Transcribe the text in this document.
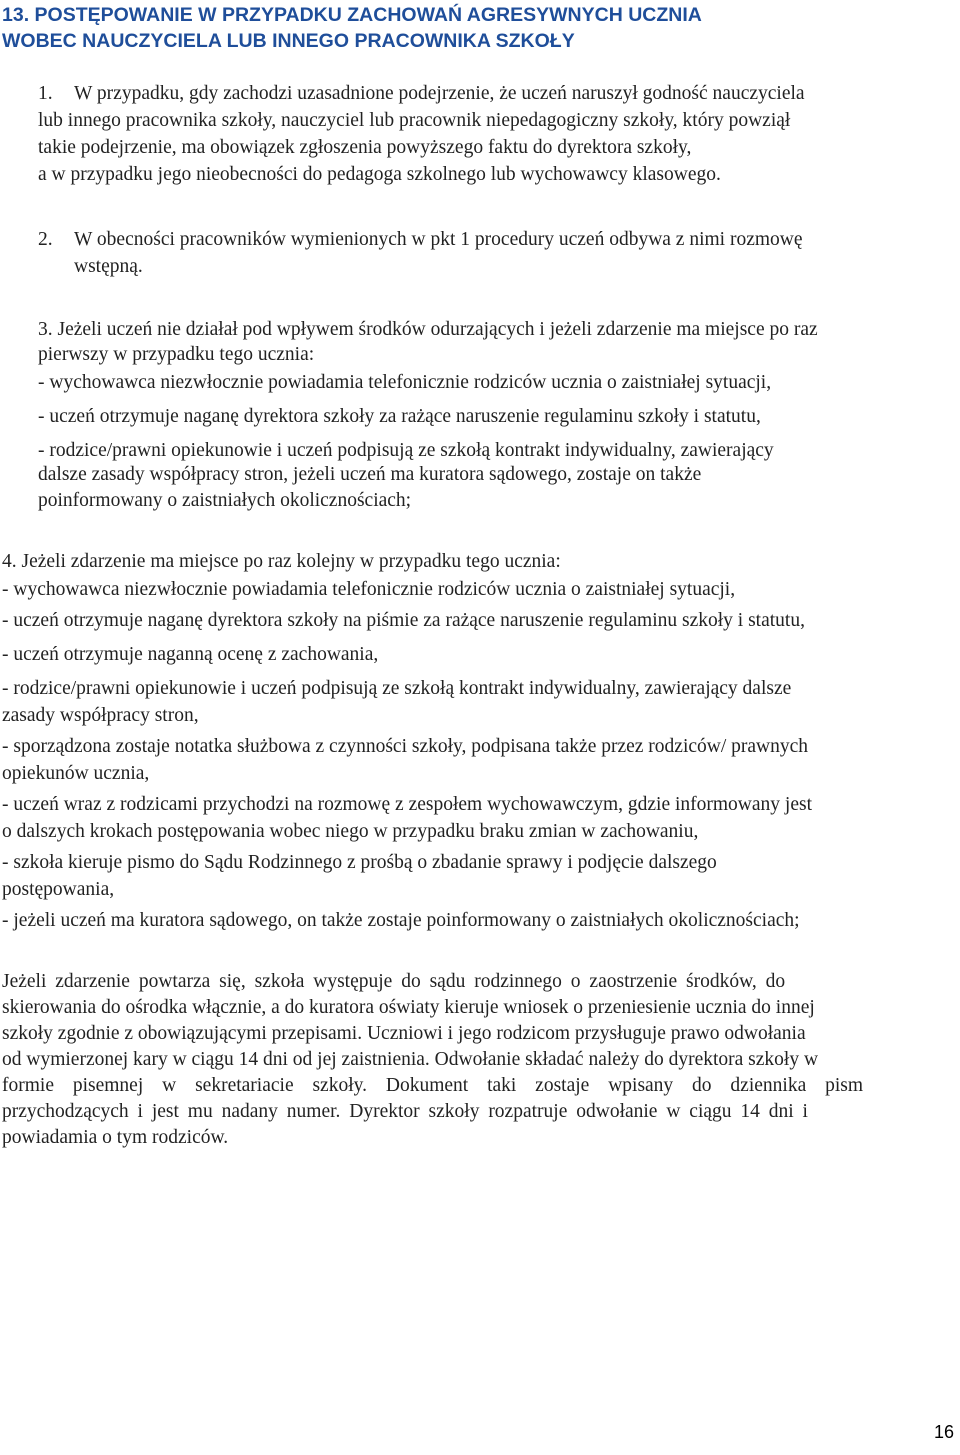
13. POSTĘPOWANIE W PRZYPADKU ZACHOWAŃ AGRESYWNYCH UCZNIA
WOBEC NAUCZYCIELA LUB INNEGO PRACOWNIKA SZKOŁY
1. W przypadku, gdy zachodzi uzasadnione podejrzenie, że uczeń naruszył godność nauczyciela
lub innego pracownika szkoły, nauczyciel lub pracownik niepedagogiczny szkoły, który powziął
takie podejrzenie, ma obowiązek zgłoszenia powyższego faktu do dyrektora szkoły,
a w przypadku jego nieobecności do pedagoga szkolnego lub wychowawcy klasowego.
2. W obecności pracowników wymienionych w pkt 1 procedury uczeń odbywa z nimi rozmowę
wstępną.
3. Jeżeli uczeń nie działał pod wpływem środków odurzających i jeżeli zdarzenie ma miejsce po raz
pierwszy w przypadku tego ucznia:
- wychowawca niezwłocznie powiadamia telefonicznie rodziców ucznia o zaistniałej sytuacji,
- uczeń otrzymuje naganę dyrektora szkoły za rażące naruszenie regulaminu szkoły i statutu,
- rodzice/prawni opiekunowie i uczeń podpisują ze szkołą kontrakt indywidualny, zawierający
dalsze zasady współpracy stron, jeżeli uczeń ma kuratora sądowego, zostaje on także
poinformowany o zaistniałych okolicznościach;
4. Jeżeli zdarzenie ma miejsce po raz kolejny w przypadku tego ucznia:
- wychowawca niezwłocznie powiadamia telefonicznie rodziców ucznia o zaistniałej sytuacji,
- uczeń otrzymuje naganę dyrektora szkoły na piśmie za rażące naruszenie regulaminu szkoły i statutu,
- uczeń otrzymuje naganną ocenę z zachowania,
- rodzice/prawni opiekunowie i uczeń podpisują ze szkołą kontrakt indywidualny, zawierający dalsze
zasady współpracy stron,
- sporządzona zostaje notatka służbowa z czynności szkoły, podpisana także przez rodziców/ prawnych
opiekunów ucznia,
- uczeń wraz z rodzicami przychodzi na rozmowę z zespołem wychowawczym, gdzie informowany jest
o dalszych krokach postępowania wobec niego w przypadku braku zmian w zachowaniu,
- szkoła kieruje pismo do Sądu Rodzinnego z prośbą o zbadanie sprawy i podjęcie dalszego
postępowania,
- jeżeli uczeń ma kuratora sądowego, on także zostaje poinformowany o zaistniałych okolicznościach;
Jeżeli zdarzenie powtarza się, szkoła występuje do sądu rodzinnego o zaostrzenie środków, do
skierowania do ośrodka włącznie, a do kuratora oświaty kieruje wniosek o przeniesienie ucznia do innej
szkoły zgodnie z obowiązującymi przepisami. Uczniowi i jego rodzicom przysługuje prawo odwołania
od wymierzonej kary w ciągu 14 dni od jej zaistnienia. Odwołanie składać należy do dyrektora szkoły w
formie pisemnej w sekretariacie szkoły. Dokument taki zostaje wpisany do dziennika pism
przychodzących i jest mu nadany numer. Dyrektor szkoły rozpatruje odwołanie w ciągu 14 dni i
powiadamia o tym rodziców.
16
